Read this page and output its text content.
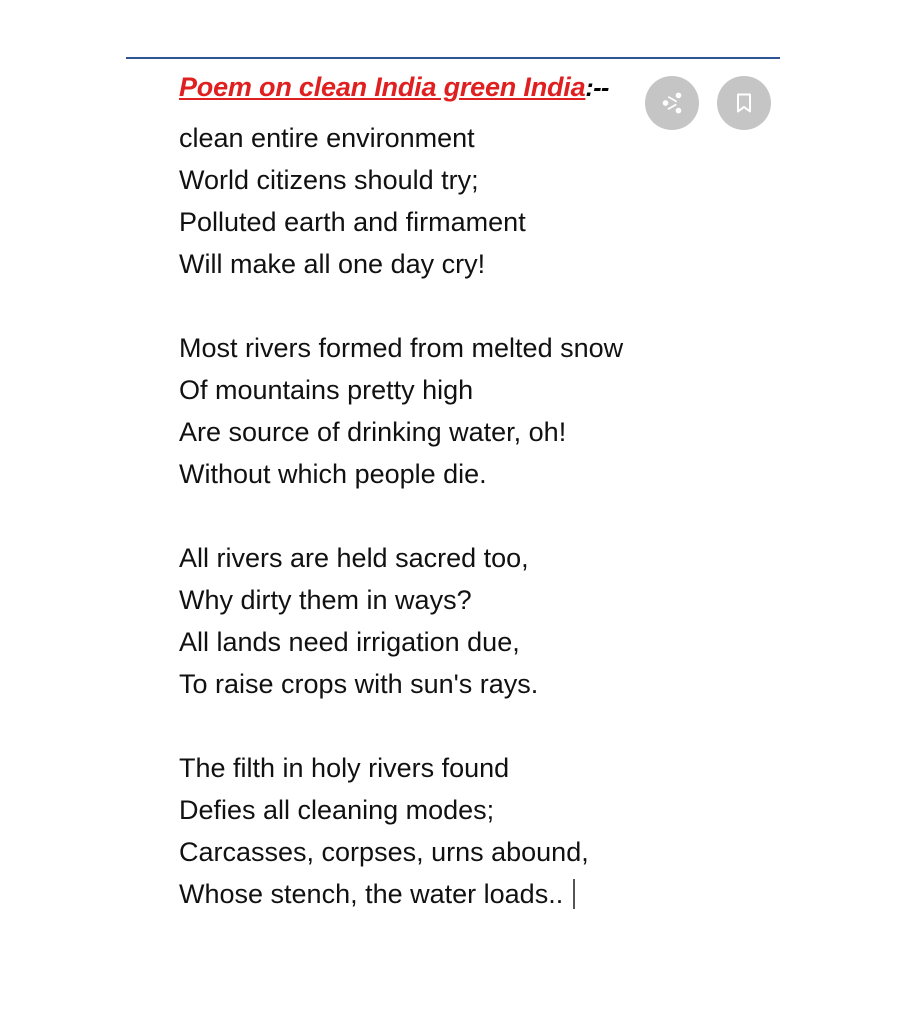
Poem on clean India green India:--
clean entire environment
World citizens should try;
Polluted earth and firmament
Will make all one day cry!
Most rivers formed from melted snow
Of mountains pretty high
Are source of drinking water, oh!
Without which people die.
All rivers are held sacred too,
Why dirty them in ways?
All lands need irrigation due,
To raise crops with sun's rays.
The filth in holy rivers found
Defies all cleaning modes;
Carcasses, corpses, urns abound,
Whose stench, the water loads..
